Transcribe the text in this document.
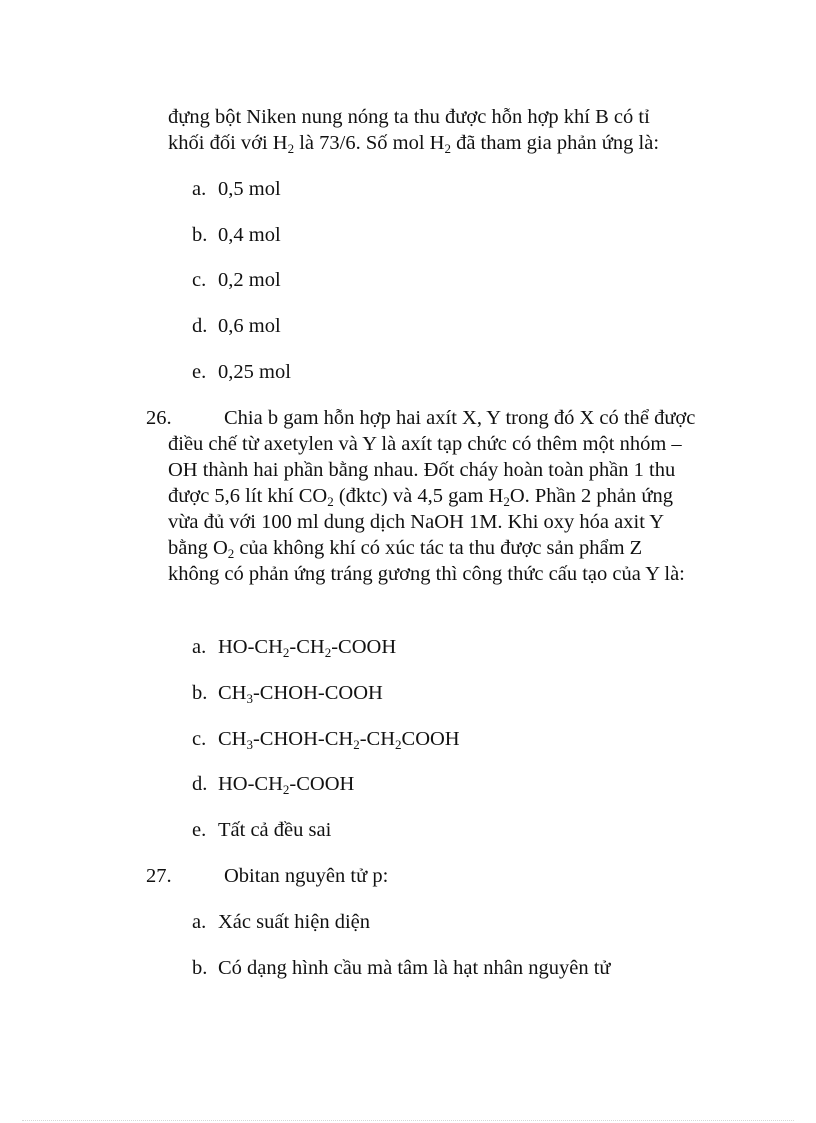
đựng bột Niken nung nóng ta thu được hỗn hợp khí B có tỉ
khối đối với $H_2$ là 73/6. Số mol $H_2$ đã tham gia phản ứng là:

a. 0,5 mol
b. 0,4 mol
c. 0,2 mol
d. 0,6 mol
e. 0,25 mol
26.	Chia b gam hỗn hợp hai axít X, Y trong đó X có thể được điều chế từ axetylen và Y là axít tạp chức có thêm một nhóm –OH thành hai phần bằng nhau. Đốt cháy hoàn toàn phần 1 thu được 5,6 lít khí $CO_2$ (đktc) và 4,5 gam $H_2O$. Phần 2 phản ứng vừa đủ với 100 ml dung dịch NaOH 1M. Khi oxy hóa axit Y bằng $O_2$ của không khí có xúc tác ta thu được sản phẩm Z không có phản ứng tráng gương thì công thức cấu tạo của Y là:

a. $HO-CH_2-CH_2$-COOH
b. $CH_3-CHOH$-COOH
c. $CH_3-CHOH-CH_2-CH_2COOH$
d. $HO-CH_2$-COOH
e. Tất cả đều sai
27.	Obitan nguyên tử p:

a. Xác suất hiện diện
b. Có dạng hình cầu mà tâm là hạt nhân nguyên tử
